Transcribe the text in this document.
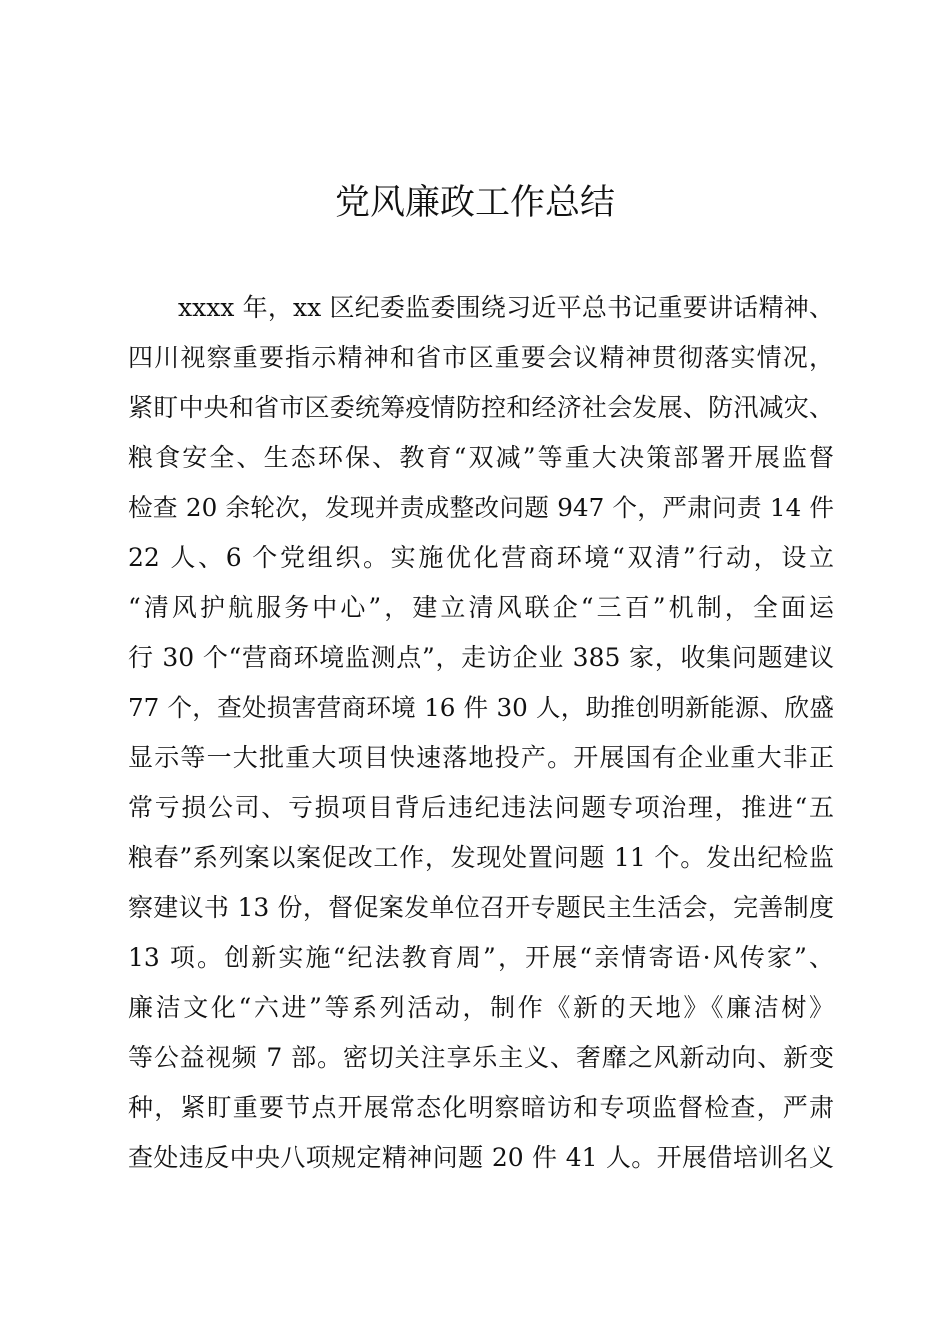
党风廉政工作总结
xxxx 年，xx 区纪委监委围绕习近平总书记重要讲话精神、
四川视察重要指示精神和省市区重要会议精神贯彻落实情况，
紧盯中央和省市区委统筹疫情防控和经济社会发展、防汛减灾、
粮食安全、生态环保、教育“双减”等重大决策部署开展监督
检查 20 余轮次，发现并责成整改问题 947 个，严肃问责 14 件
22 人、6 个党组织。实施优化营商环境“双清”行动，设立
“清风护航服务中心”，建立清风联企“三百”机制，全面运
行 30 个“营商环境监测点”，走访企业 385 家，收集问题建议
77 个，查处损害营商环境 16 件 30 人，助推创明新能源、欣盛
显示等一大批重大项目快速落地投产。开展国有企业重大非正
常亏损公司、亏损项目背后违纪违法问题专项治理，推进“五
粮春”系列案以案促改工作，发现处置问题 11 个。发出纪检监
察建议书 13 份，督促案发单位召开专题民主生活会，完善制度
13 项。创新实施“纪法教育周”，开展“亲情寄语·风传家”、
廉洁文化“六进”等系列活动，制作《新的天地》《廉洁树》
等公益视频 7 部。密切关注享乐主义、奢靡之风新动向、新变
种，紧盯重要节点开展常态化明察暗访和专项监督检查，严肃
查处违反中央八项规定精神问题 20 件 41 人。开展借培训名义
